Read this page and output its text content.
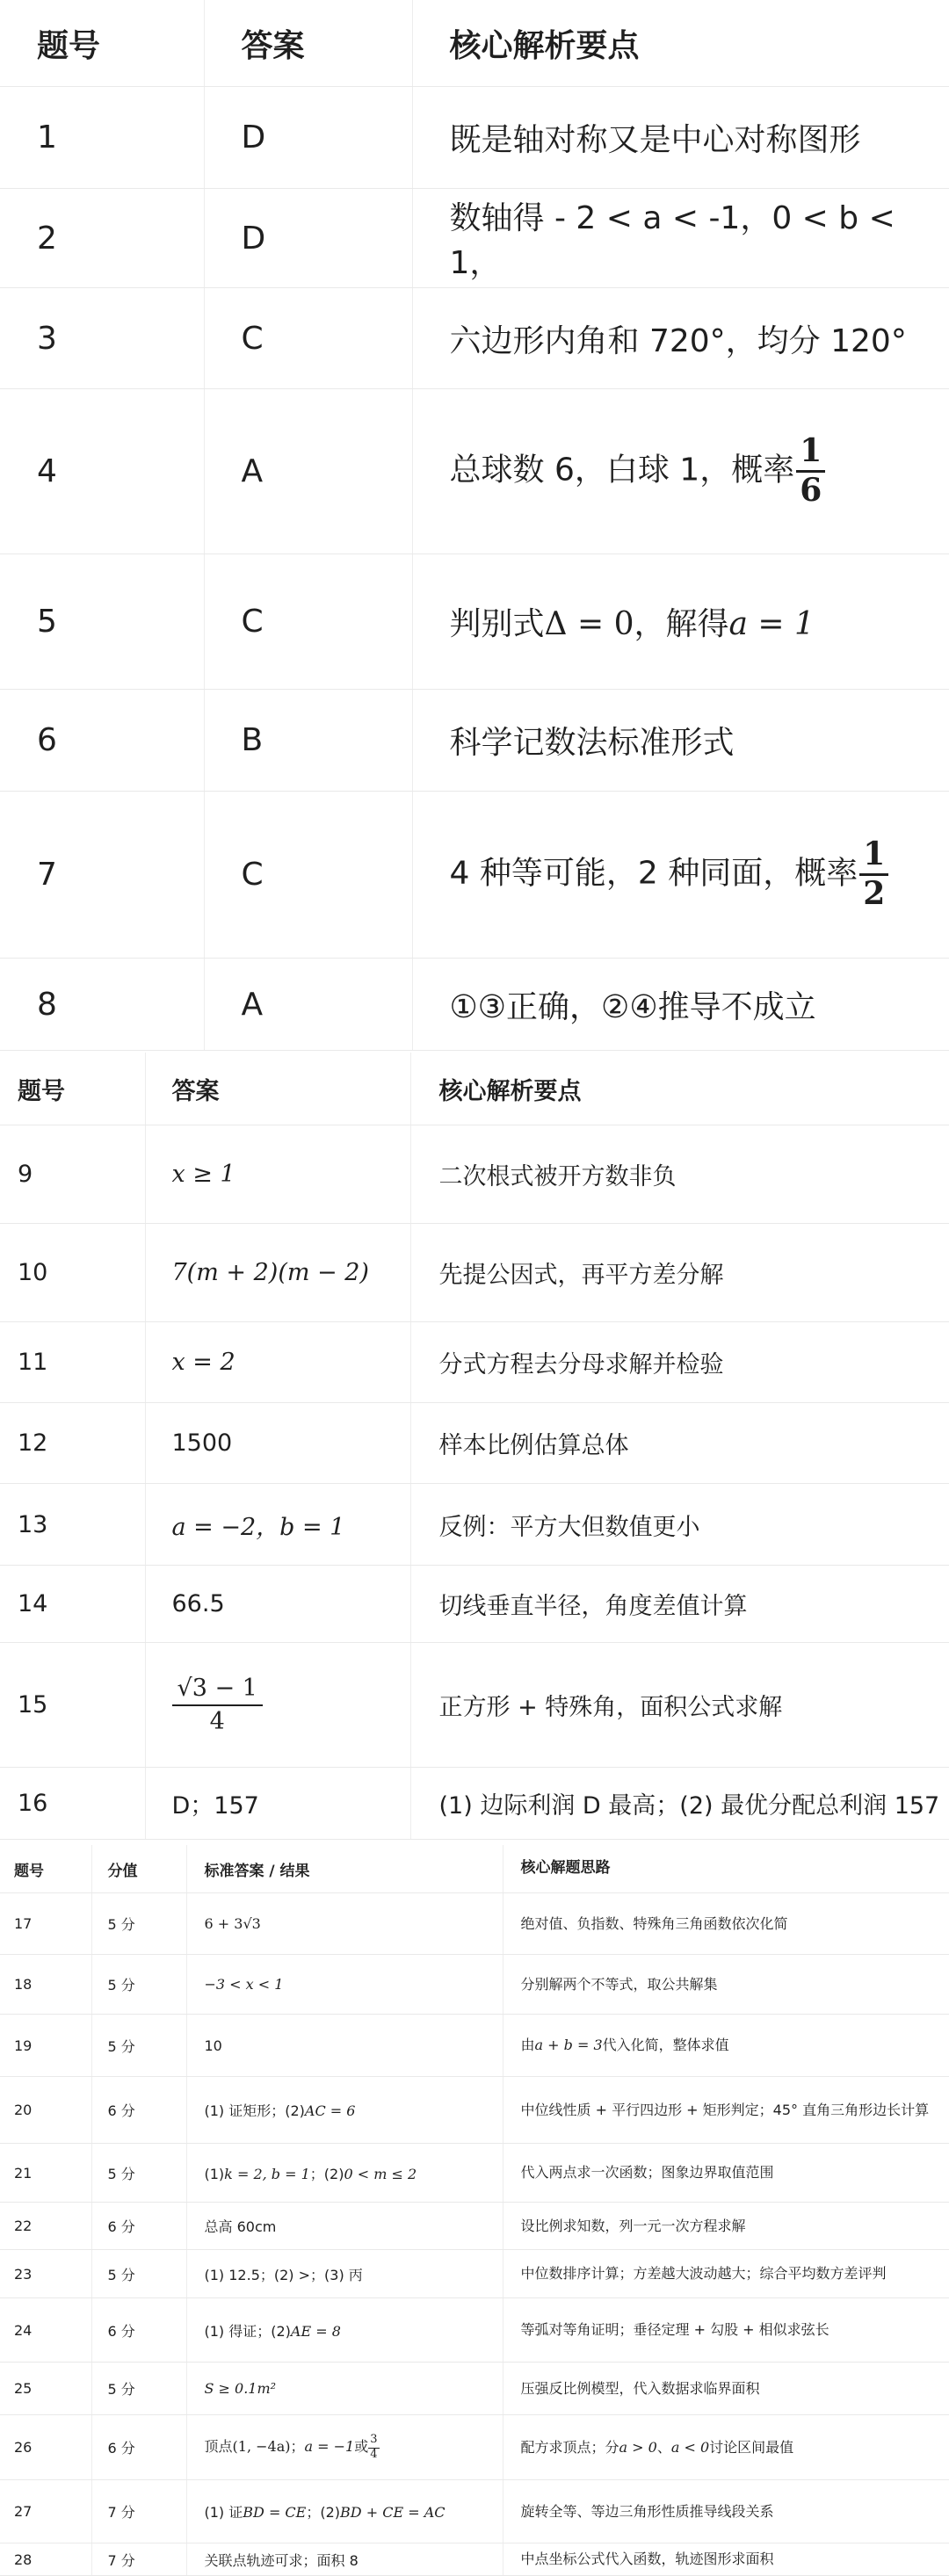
题号	答案	核心解析要点
1	D	既是轴对称又是中心对称图形
2	D	数轴得 - 2 < a < -1，0 < b < 1，
3	C	六边形内角和 720°，均分 120°
4	A	总球数 6，白球 1，概率 $\frac{1}{6}$

5	C	判别式Δ = 0，解得a = 1
6	B	科学记数法标准形式
7	C	4 种等可能，2 种同面，概率 $\frac{1}{2}$

8	A	①③正确，②④推导不成立
题号	答案	核心解析要点
9	x ≥ 1	二次根式被开方数非负
10	7(m + 2)(m − 2)	先提公因式，再平方差分解
11	x = 2	分式方程去分母求解并检验
12	1500	样本比例估算总体
13	a = −2，b = 1	反例：平方大但数值更小
14	66.5	切线垂直半径，角度差值计算
15	$\frac{√3 - 1}{4}$	正方形 + 特殊角，面积公式求解
16	D；157	(1) 边际利润 D 最高；(2) 最优分配总利润 157
题号	分值	标准答案 / 结果	核心解题思路
17	5 分	6 + 3√3	绝对值、负指数、特殊角三角函数依次化简
18	5 分	−3 < x < 1	分别解两个不等式，取公共解集
19	5 分	10	由a + b = 3代入化简，整体求值
20	6 分	(1) 证矩形；(2)AC = 6	中位线性质 + 平行四边形 + 矩形判定；45° 直角三角形边长计算
21	5 分	(1)k = 2, b = 1；(2)0 < m ≤ 2	代入两点求一次函数；图象边界取值范围
22	6 分	总高 60cm	设比例求知数，列一元一次方程求解
23	5 分	(1) 12.5；(2) >；(3) 丙	中位数排序计算；方差越大波动越大；综合平均数方差评判
24	6 分	(1) 得证；(2)AE = 8	等弧对等角证明；垂径定理 + 勾股 + 相似求弦长
25	5 分	S ≥ 0.1m²	压强反比例模型，代入数据求临界面积
26	6 分	顶点(1, −4a)；a = −1或 $\frac{3}{4}$	配方求顶点；分a > 0、a < 0讨论区间最值
27	7 分	(1) 证BD = CE；(2)BD + CE = AC	旋转全等、等边三角形性质推导线段关系
28	7 分	关联点轨迹可求；面积 8	中点坐标公式代入函数，轨迹图形求面积
